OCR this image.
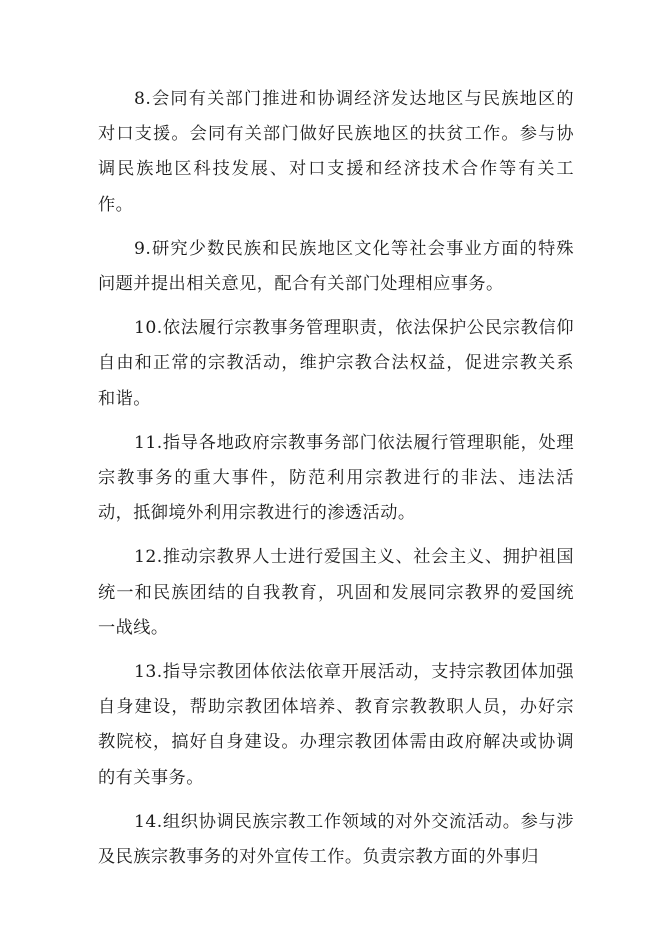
8.会同有关部门推进和协调经济发达地区与民族地区的对口支援。会同有关部门做好民族地区的扶贫工作。参与协调民族地区科技发展、对口支援和经济技术合作等有关工作。

9.研究少数民族和民族地区文化等社会事业方面的特殊问题并提出相关意见，配合有关部门处理相应事务。

10.依法履行宗教事务管理职责，依法保护公民宗教信仰自由和正常的宗教活动，维护宗教合法权益，促进宗教关系和谐。

11.指导各地政府宗教事务部门依法履行管理职能，处理宗教事务的重大事件，防范利用宗教进行的非法、违法活动，抵御境外利用宗教进行的渗透活动。

12.推动宗教界人士进行爱国主义、社会主义、拥护祖国统一和民族团结的自我教育，巩固和发展同宗教界的爱国统一战线。

13.指导宗教团体依法依章开展活动，支持宗教团体加强自身建设，帮助宗教团体培养、教育宗教教职人员，办好宗教院校，搞好自身建设。办理宗教团体需由政府解决或协调的有关事务。

14.组织协调民族宗教工作领域的对外交流活动。参与涉及民族宗教事务的对外宣传工作。负责宗教方面的外事归
